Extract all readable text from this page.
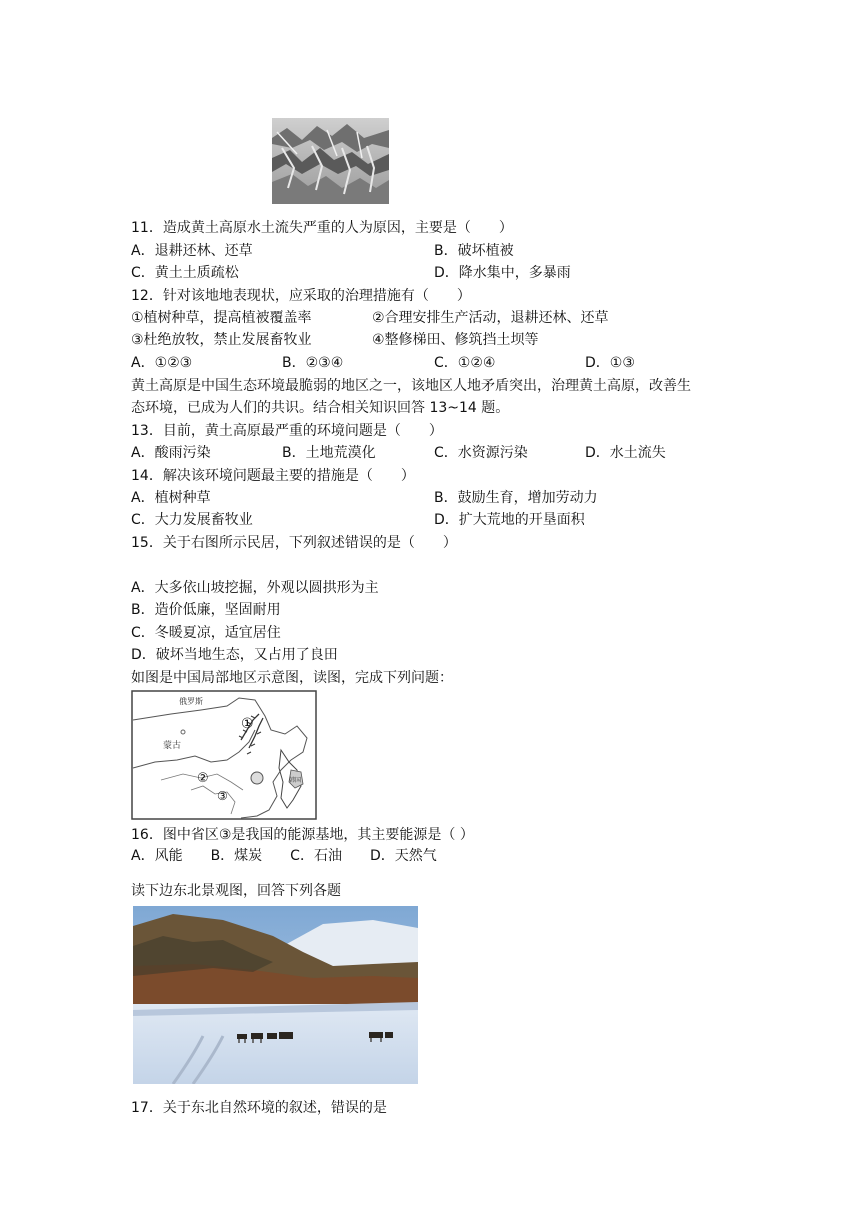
11．造成黄土高原水土流失严重的人为原因，主要是（　　）
A．退耕还林、还草	B．破坏植被
C．黄土土质疏松	D．降水集中，多暴雨
12．针对该地地表现状，应采取的治理措施有（　　）
①植树种草，提高植被覆盖率	②合理安排生产活动，退耕还林、还草
③杜绝放牧，禁止发展畜牧业	④整修梯田、修筑挡土坝等
A．①②③	B．②③④	C．①②④	D．①③
黄土高原是中国生态环境最脆弱的地区之一，该地区人地矛盾突出，治理黄土高原，改善生
态环境，已成为人们的共识。结合相关知识回答 13~14 题。
13．目前，黄土高原最严重的环境问题是（　　）
A．酸雨污染	B．土地荒漠化	C．水资源污染	D．水土流失
14．解决该环境问题最主要的措施是（　　）
A．植树种草	B．鼓励生育，增加劳动力
C．大力发展畜牧业	D．扩大荒地的开垦面积
15．关于右图所示民居，下列叙述错误的是（　　）
A．大多依山坡挖掘，外观以圆拱形为主
B．造价低廉，坚固耐用
C．冬暖夏凉，适宜居住
D．破坏当地生态，又占用了良田
如图是中国局部地区示意图，读图，完成下列问题：
俄罗斯
蒙古
韩国
①
②
③
16．图中省区③是我国的能源基地，其主要能源是（ ）
A．风能　　B．煤炭　　C．石油　　D．天然气
读下边东北景观图，回答下列各题
17．关于东北自然环境的叙述，错误的是
